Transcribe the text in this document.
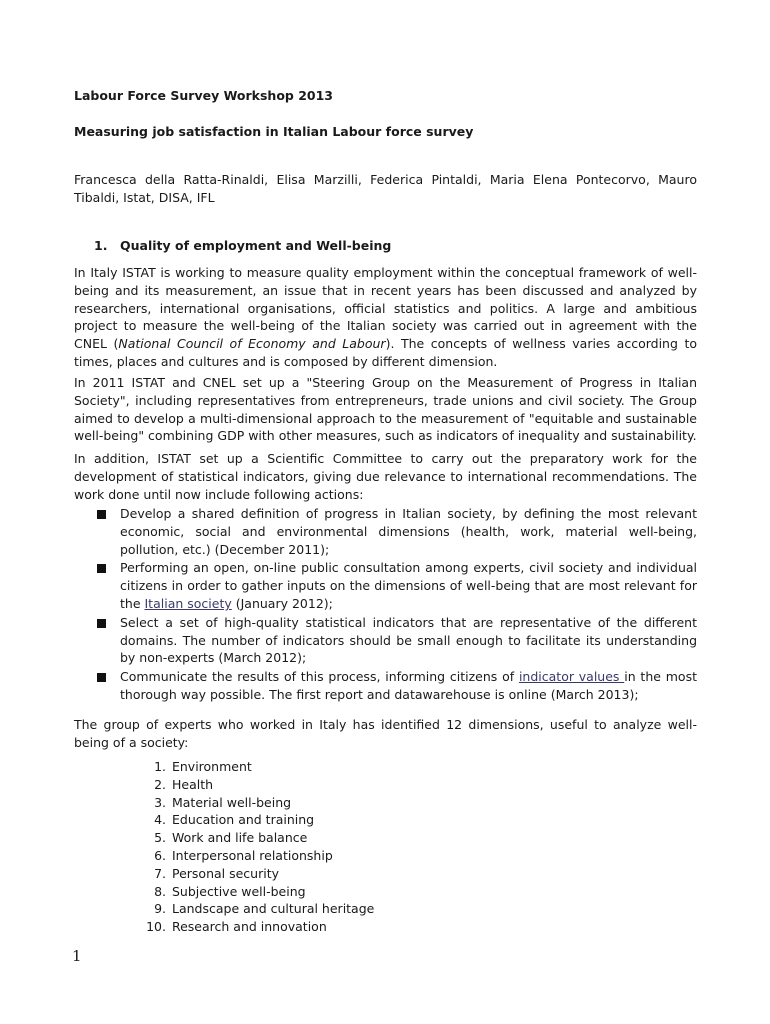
Labour Force Survey Workshop 2013
Measuring job satisfaction in Italian Labour force survey
Francesca della Ratta-Rinaldi, Elisa Marzilli, Federica Pintaldi, Maria Elena Pontecorvo, Mauro Tibaldi, Istat, DISA, IFL
1. Quality of employment and Well-being
In Italy ISTAT is working to measure quality employment within the conceptual framework of well-being and its measurement, an issue that in recent years has been discussed and analyzed by researchers, international organisations, official statistics and politics. A large and ambitious project to measure the well-being of the Italian society was carried out in agreement with the CNEL (National Council of Economy and Labour). The concepts of wellness varies according to times, places and cultures and is composed by different dimension.
In 2011 ISTAT and CNEL set up a "Steering Group on the Measurement of Progress in Italian Society", including representatives from entrepreneurs, trade unions and civil society. The Group aimed to develop a multi-dimensional approach to the measurement of "equitable and sustainable well-being" combining GDP with other measures, such as indicators of inequality and sustainability.
In addition, ISTAT set up a Scientific Committee to carry out the preparatory work for the development of statistical indicators, giving due relevance to international recommendations. The work done until now include following actions:
Develop a shared definition of progress in Italian society, by defining the most relevant economic, social and environmental dimensions (health, work, material well-being, pollution, etc.) (December 2011);
Performing an open, on-line public consultation among experts, civil society and individual citizens in order to gather inputs on the dimensions of well-being that are most relevant for the Italian society (January 2012);
Select a set of high-quality statistical indicators that are representative of the different domains. The number of indicators should be small enough to facilitate its understanding by non-experts (March 2012);
Communicate the results of this process, informing citizens of indicator values in the most thorough way possible. The first report and datawarehouse is online (March 2013);
The group of experts who worked in Italy has identified 12 dimensions, useful to analyze well-being of a society:
1.
Environment
2.
Health
3.
Material well-being
4.
Education and training
5.
Work and life balance
6.
Interpersonal relationship
7.
Personal security
8.
Subjective well-being
9.
Landscape and cultural heritage
10.
Research and innovation
1
